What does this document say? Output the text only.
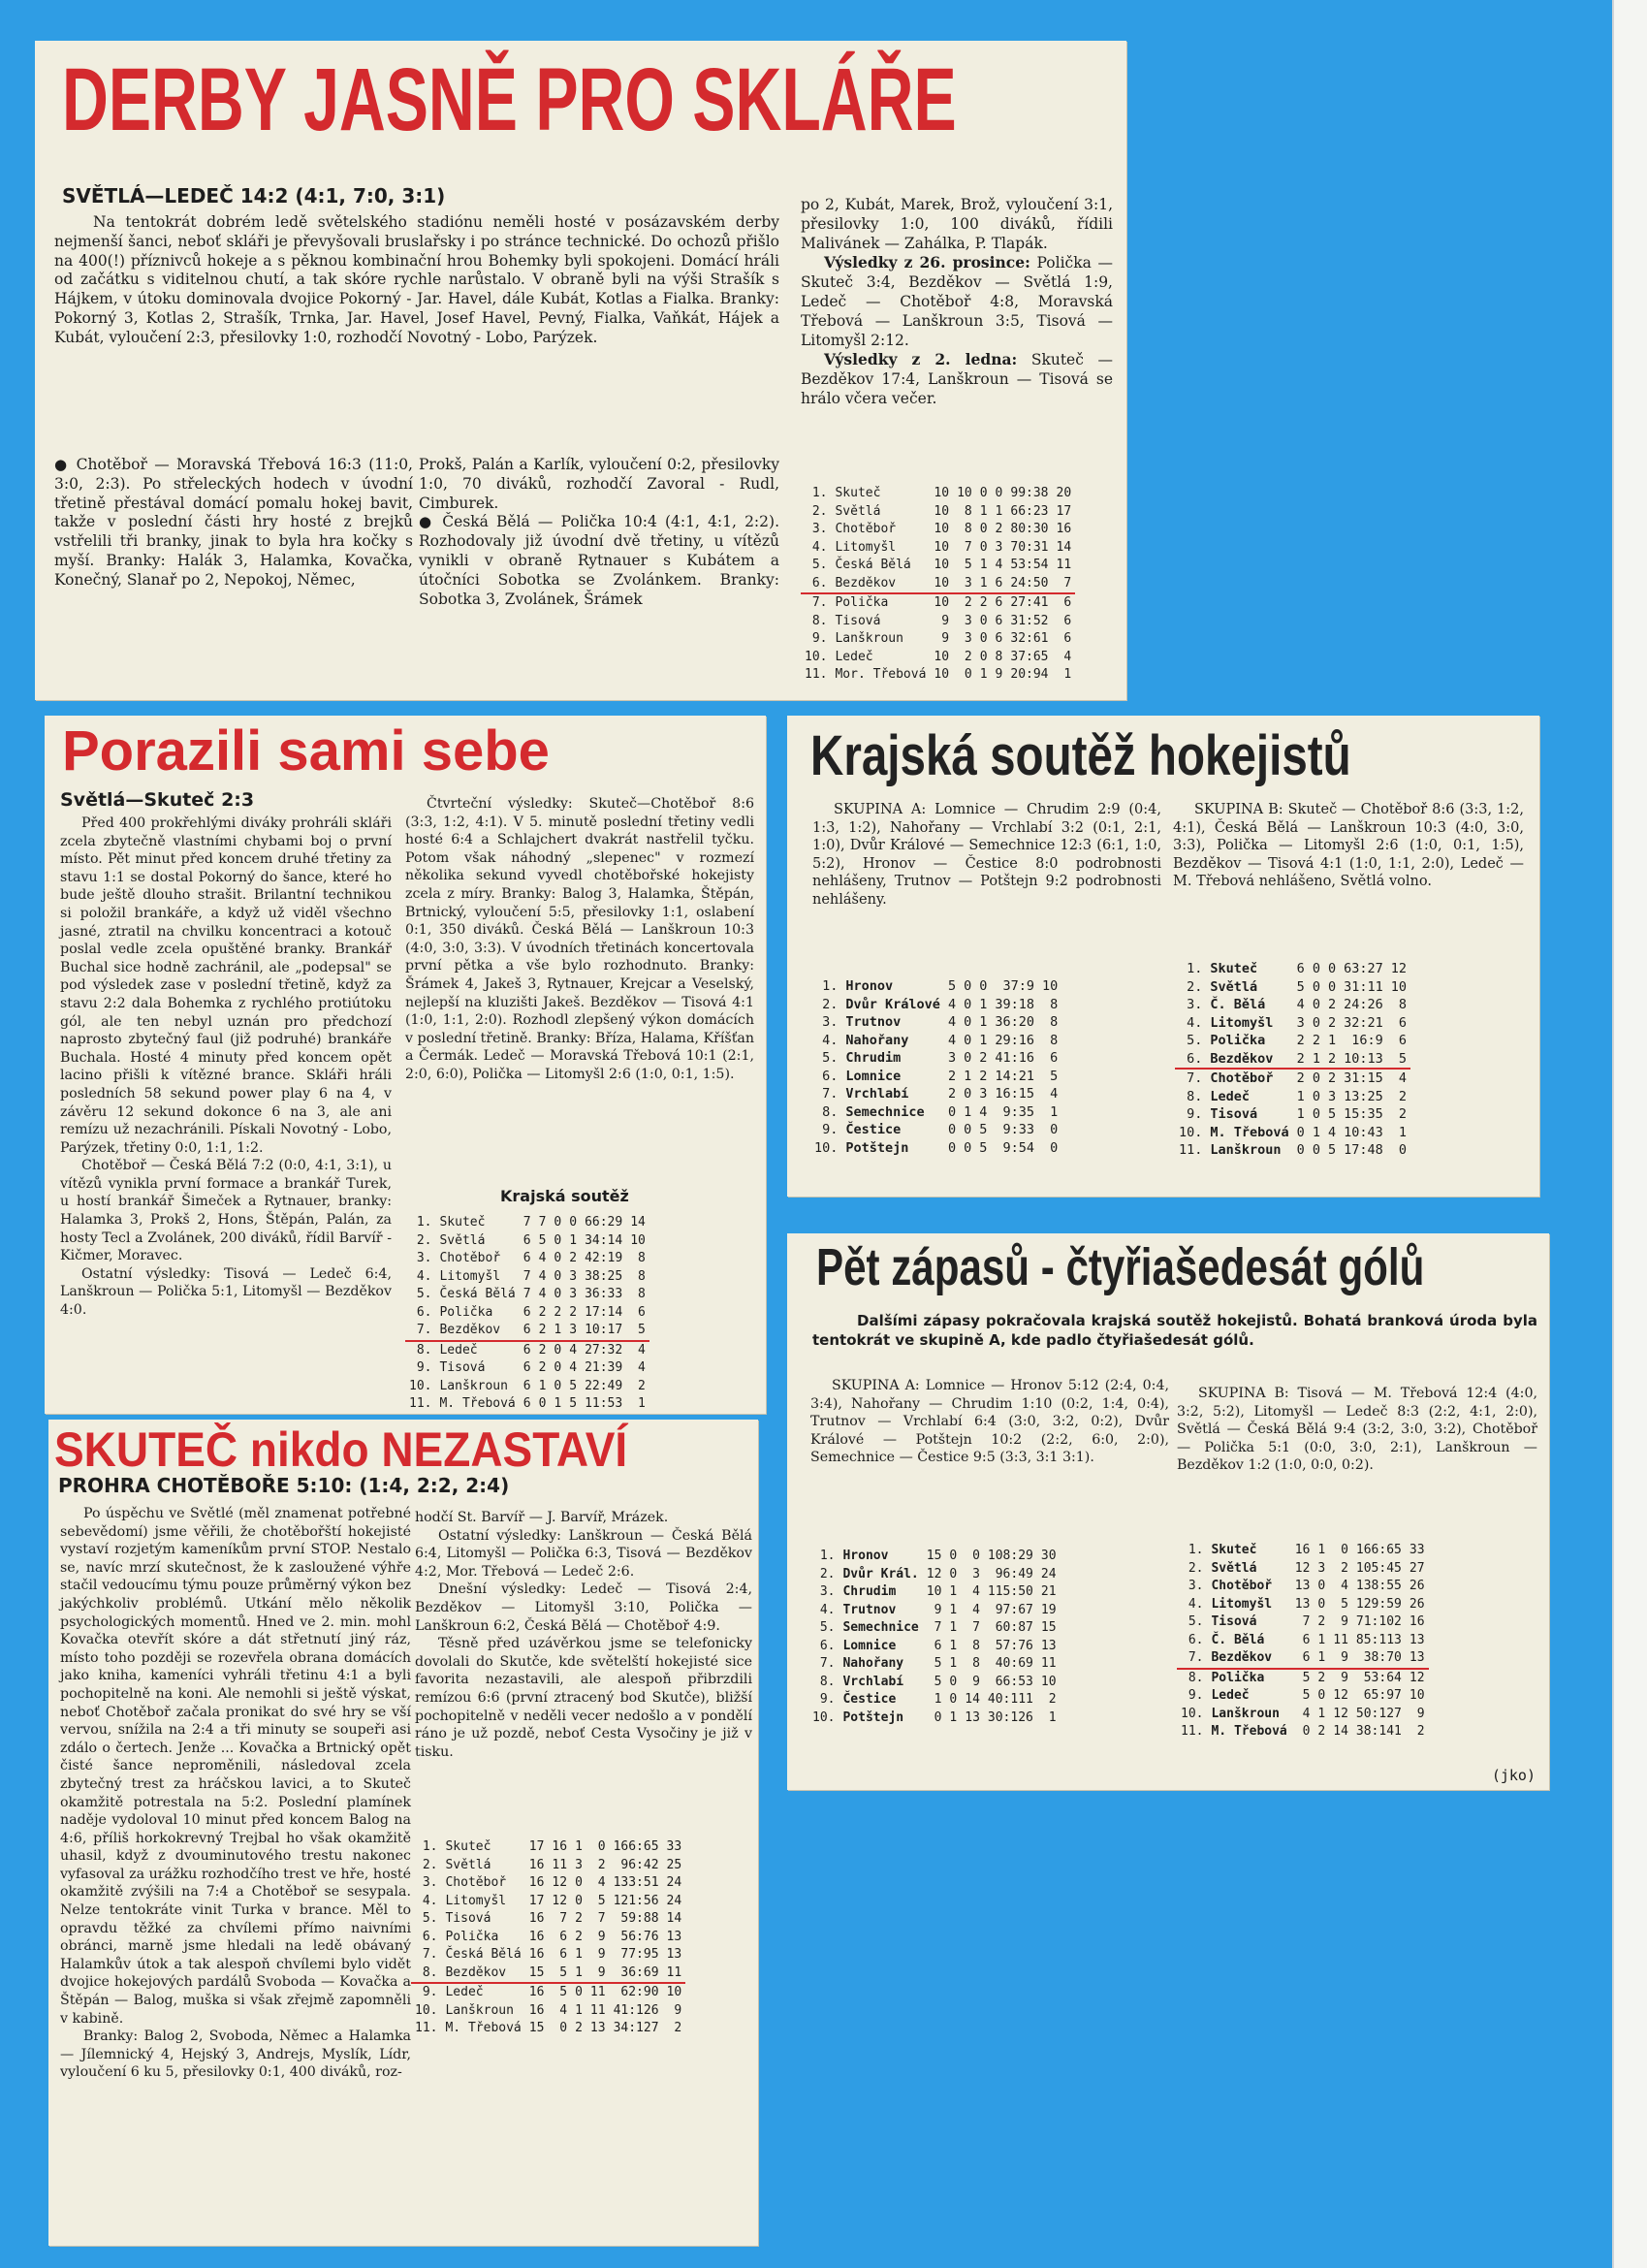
DERBY JASNĚ PRO SKLÁŘE
SVĚTLÁ—LEDEČ 14:2 (4:1, 7:0, 3:1)

Na tentokrát dobrém ledě světelského stadiónu neměli hosté v posázavském derby nejmenší šanci, neboť skláři je převyšovali bruslařsky i po stránce technické. Do ochozů přišlo na 400(!) příznivců hokeje a s pěknou kombinační hrou Bohemky byli spokojeni. Domácí hráli od začátku s viditelnou chutí, a tak skóre rychle narůstalo. V obraně byli na výši Strašík s Hájkem, v útoku dominovala dvojice Pokorný - Jar. Havel, dále Kubát, Kotlas a Fialka. Branky: Pokorný 3, Kotlas 2, Strašík, Trnka, Jar. Havel, Josef Havel, Pevný, Fialka, Vaňkát, Hájek a Kubát, vyloučení 2:3, přesilovky 1:0, rozhodčí Novotný - Lobo, Parýzek.

● Chotěboř — Moravská Třebová 16:3 (11:0, 3:0, 2:3). Po střeleckých hodech v úvodní třetině přestával domácí pomalu hokej bavit, takže v poslední části hry hosté z brejků vstřelili tři branky, jinak to byla hra kočky s myší. Branky: Halák 3, Halamka, Kovačka, Konečný, Slanař po 2, Nepokoj, Němec,

Prokš, Palán a Karlík, vyloučení 0:2, přesilovky 1:0, 70 diváků, rozhodčí Zavoral - Rudl, Cimburek.

● Česká Bělá — Polička 10:4 (4:1, 4:1, 2:2). Rozhodovaly již úvodní dvě třetiny, u vítězů vynikli v obraně Rytnauer s Kubátem a útočníci Sobotka se Zvolánkem. Branky: Sobotka 3, Zvolánek, Šrámek

po 2, Kubát, Marek, Brož, vyloučení 3:1, přesilovky 1:0, 100 diváků, řídili Malivánek — Zahálka, P. Tlapák.

Výsledky z 26. prosince: Polička — Skuteč 3:4, Bezděkov — Světlá 1:9, Ledeč — Chotěboř 4:8, Moravská Třebová — Lanškroun 3:5, Tisová — Litomyšl 2:12.

Výsledky z 2. ledna: Skuteč — Bezděkov 17:4, Lanškroun — Tisová se hrálo včera večer.

1.	Skuteč	10	10	0	0	99:38	20
2.	Světlá	10	8	1	1	66:23	17
3.	Chotěboř	10	8	0	2	80:30	16
4.	Litomyšl	10	7	0	3	70:31	14
5.	Česká Bělá	10	5	1	4	53:54	11
6.	Bezděkov	10	3	1	6	24:50	7
7.	Polička	10	2	2	6	27:41	6
8.	Tisová	9	3	0	6	31:52	6
9.	Lanškroun	9	3	0	6	32:61	6
10.	Ledeč	10	2	0	8	37:65	4
11.	Mor. Třebová	10	0	1	9	20:94	1
Porazili sami sebe
Světlá—Skuteč 2:3

Před 400 prokřehlými diváky prohráli skláři zcela zbytečně vlastními chybami boj o první místo. Pět minut před koncem druhé třetiny za stavu 1:1 se dostal Pokorný do šance, které ho bude ještě dlouho strašit. Brilantní technikou si položil brankáře, a když už viděl všechno jasné, ztratil na chvilku koncentraci a kotouč poslal vedle zcela opuštěné branky. Brankář Buchal sice hodně zachránil, ale „podepsal" se pod výsledek zase v poslední třetině, když za stavu 2:2 dala Bohemka z rychlého protiútoku gól, ale ten nebyl uznán pro předchozí naprosto zbytečný faul (již podruhé) brankáře Buchala. Hosté 4 minuty před koncem opět lacino přišli k vítězné brance. Skláři hráli posledních 58 sekund power play 6 na 4, v závěru 12 sekund dokonce 6 na 3, ale ani remízu už nezachránili. Pískali Novotný - Lobo, Parýzek, třetiny 0:0, 1:1, 1:2.

Chotěboř — Česká Bělá 7:2 (0:0, 4:1, 3:1), u vítězů vynikla první formace a brankář Turek, u hostí brankář Šimeček a Rytnauer, branky: Halamka 3, Prokš 2, Hons, Štěpán, Palán, za hosty Tecl a Zvolánek, 200 diváků, řídil Barvíř - Kičmer, Moravec.

Ostatní výsledky: Tisová — Ledeč 6:4, Lanškroun — Polička 5:1, Litomyšl — Bezděkov 4:0.

Čtvrteční výsledky: Skuteč—Chotěboř 8:6 (3:3, 1:2, 4:1). V 5. minutě poslední třetiny vedli hosté 6:4 a Schlajchert dvakrát nastřelil tyčku. Potom však náhodný „slepenec" v rozmezí několika sekund vyvedl chotěbořské hokejisty zcela z míry. Branky: Balog 3, Halamka, Štěpán, Brtnický, vyloučení 5:5, přesilovky 1:1, oslabení 0:1, 350 diváků. Česká Bělá — Lanškroun 10:3 (4:0, 3:0, 3:3). V úvodních třetinách koncertovala první pětka a vše bylo rozhodnuto. Branky: Šrámek 4, Jakeš 3, Rytnauer, Krejcar a Veselský, nejlepší na kluzišti Jakeš. Bezděkov — Tisová 4:1 (1:0, 1:1, 2:0). Rozhodl zlepšený výkon domácích v poslední třetině. Branky: Bříza, Halama, Kříšťan a Čermák. Ledeč — Moravská Třebová 10:1 (2:1, 2:0, 6:0), Polička — Litomyšl 2:6 (1:0, 0:1, 1:5).

Krajská soutěž
1.	Skuteč	7	7	0	0	66:29	14
2.	Světlá	6	5	0	1	34:14	10
3.	Chotěboř	6	4	0	2	42:19	8
4.	Litomyšl	7	4	0	3	38:25	8
5.	Česká Bělá	7	4	0	3	36:33	8
6.	Polička	6	2	2	2	17:14	6
7.	Bezděkov	6	2	1	3	10:17	5
8.	Ledeč	6	2	0	4	27:32	4
9.	Tisová	6	2	0	4	21:39	4
10.	Lanškroun	6	1	0	5	22:49	2
11.	M. Třebová	6	0	1	5	11:53	1
Krajská soutěž hokejistů

SKUPINA A: Lomnice — Chrudim 2:9 (0:4, 1:3, 1:2), Nahořany — Vrchlabí 3:2 (0:1, 2:1, 1:0), Dvůr Králové — Semechnice 12:3 (6:1, 1:0, 5:2), Hronov — Čestice 8:0 podrobnosti nehlášeny, Trutnov — Potštejn 9:2 podrobnosti nehlášeny.

SKUPINA B: Skuteč — Chotěboř 8:6 (3:3, 1:2, 4:1), Česká Bělá — Lanškroun 10:3 (4:0, 3:0, 3:3), Polička — Litomyšl 2:6 (1:0, 0:1, 1:5), Bezděkov — Tisová 4:1 (1:0, 1:1, 2:0), Ledeč — M. Třebová nehlášeno, Světlá volno.

1.	Hronov	5	0	0	37:9	10
2.	Dvůr Králové	4	0	1	39:18	8
3.	Trutnov	4	0	1	36:20	8
4.	Nahořany	4	0	1	29:16	8
5.	Chrudim	3	0	2	41:16	6
6.	Lomnice	2	1	2	14:21	5
7.	Vrchlabí	2	0	3	16:15	4
8.	Semechnice	0	1	4	9:35	1
9.	Čestice	0	0	5	9:33	0
10.	Potštejn	0	0	5	9:54	0
1.	Skuteč	6	0	0	63:27	12
2.	Světlá	5	0	0	31:11	10
3.	Č. Bělá	4	0	2	24:26	8
4.	Litomyšl	3	0	2	32:21	6
5.	Polička	2	2	1	16:9	6
6.	Bezděkov	2	1	2	10:13	5
7.	Chotěboř	2	0	2	31:15	4
8.	Ledeč	1	0	3	13:25	2
9.	Tisová	1	0	5	15:35	2
10.	M. Třebová	0	1	4	10:43	1
11.	Lanškroun	0	0	5	17:48	0
SKUTEČ nikdo NEZASTAVÍ
PROHRA CHOTĚBOŘE 5:10: (1:4, 2:2, 2:4)

Po úspěchu ve Světlé (měl znamenat potřebné sebevědomí) jsme věřili, že chotěbořští hokejisté vystaví rozjetým kameníkům první STOP. Nestalo se, navíc mrzí skutečnost, že k zasloužené výhře stačil vedoucímu týmu pouze průměrný výkon bez jakýchkoliv problémů. Utkání mělo několik psychologických momentů. Hned ve 2. min. mohl Kovačka otevřít skóre a dát střetnutí jiný ráz, místo toho později se rozevřela obrana domácích jako kniha, kameníci vyhráli třetinu 4:1 a byli pochopitelně na koni. Ale nemohli si ještě výskat, neboť Chotěboř začala pronikat do své hry se vší vervou, snížila na 2:4 a tři minuty se soupeři asi zdálo o čertech. Jenže ... Kovačka a Brtnický opět čisté šance neproměnili, následoval zcela zbytečný trest za hráčskou lavici, a to Skuteč okamžitě potrestala na 5:2. Poslední plamínek naděje vydoloval 10 minut před koncem Balog na 4:6, příliš horkokrevný Trejbal ho však okamžitě uhasil, když z dvouminutového trestu nakonec vyfasoval za urážku rozhodčího trest ve hře, hosté okamžitě zvýšili na 7:4 a Chotěboř se sesypala. Nelze tentokráte vinit Turka v brance. Měl to opravdu těžké za chvílemi přímo naivními obránci, marně jsme hledali na ledě obávaný Halamkův útok a tak alespoň chvílemi bylo vidět dvojice hokejových pardálů Svoboda — Kovačka a Štěpán — Balog, muška si však zřejmě zapomněli v kabině.

Branky: Balog 2, Svoboda, Němec a Halamka — Jílemnický 4, Hejský 3, Andrejs, Myslík, Lídr, vyloučení 6 ku 5, přesilovky 0:1, 400 diváků, roz-

hodčí St. Barvíř — J. Barvíř, Mrázek.

Ostatní výsledky: Lanškroun — Česká Bělá 6:4, Litomyšl — Polička 6:3, Tisová — Bezděkov 4:2, Mor. Třebová — Ledeč 2:6.

Dnešní výsledky: Ledeč — Tisová 2:4, Bezděkov — Litomyšl 3:10, Polička — Lanškroun 6:2, Česká Bělá — Chotěboř 4:9.

Těsně před uzávěrkou jsme se telefonicky dovolali do Skutče, kde světelští hokejisté sice favorita nezastavili, ale alespoň přibrzdili remízou 6:6 (první ztracený bod Skutče), bližší pochopitelně v neděli vecer nedošlo a v pondělí ráno je už pozdě, neboť Cesta Vysočiny je již v tisku.

1.	Skuteč	17	16	1	0	166:65	33
2.	Světlá	16	11	3	2	96:42	25
3.	Chotěboř	16	12	0	4	133:51	24
4.	Litomyšl	17	12	0	5	121:56	24
5.	Tisová	16	7	2	7	59:88	14
6.	Polička	16	6	2	9	56:76	13
7.	Česká Bělá	16	6	1	9	77:95	13
8.	Bezděkov	15	5	1	9	36:69	11
9.	Ledeč	16	5	0	11	62:90	10
10.	Lanškroun	16	4	1	11	41:126	9
11.	M. Třebová	15	0	2	13	34:127	2
Pět zápasů - čtyřiašedesát gólů

Dalšími zápasy pokračovala krajská soutěž hokejistů. Bohatá branková úroda byla tentokrát ve skupině A, kde padlo čtyřiašedesát gólů.

SKUPINA A: Lomnice — Hronov 5:12 (2:4, 0:4, 3:4), Nahořany — Chrudim 1:10 (0:2, 1:4, 0:4), Trutnov — Vrchlabí 6:4 (3:0, 3:2, 0:2), Dvůr Králové — Potštejn 10:2 (2:2, 6:0, 2:0), Semechnice — Čestice 9:5 (3:3, 3:1 3:1).

SKUPINA B: Tisová — M. Třebová 12:4 (4:0, 3:2, 5:2), Litomyšl — Ledeč 8:3 (2:2, 4:1, 2:0), Světlá — Česká Bělá 9:4 (3:2, 3:0, 3:2), Chotěboř — Polička 5:1 (0:0, 3:0, 2:1), Lanškroun — Bezděkov 1:2 (1:0, 0:0, 0:2).

1.	Hronov	15	0	0	108:29	30
2.	Dvůr Král.	12	0	3	96:49	24
3.	Chrudim	10	1	4	115:50	21
4.	Trutnov	9	1	4	97:67	19
5.	Semechnice	7	1	7	60:87	15
6.	Lomnice	6	1	8	57:76	13
7.	Nahořany	5	1	8	40:69	11
8.	Vrchlabí	5	0	9	66:53	10
9.	Čestice	1	0	14	40:111	2
10.	Potštejn	0	1	13	30:126	1
1.	Skuteč	16	1	0	166:65	33
2.	Světlá	12	3	2	105:45	27
3.	Chotěboř	13	0	4	138:55	26
4.	Litomyšl	13	0	5	129:59	26
5.	Tisová	7	2	9	71:102	16
6.	Č. Bělá	6	1	11	85:113	13
7.	Bezděkov	6	1	9	38:70	13
8.	Polička	5	2	9	53:64	12
9.	Ledeč	5	0	12	65:97	10
10.	Lanškroun	4	1	12	50:127	9
11.	M. Třebová	0	2	14	38:141	2
(jko)
